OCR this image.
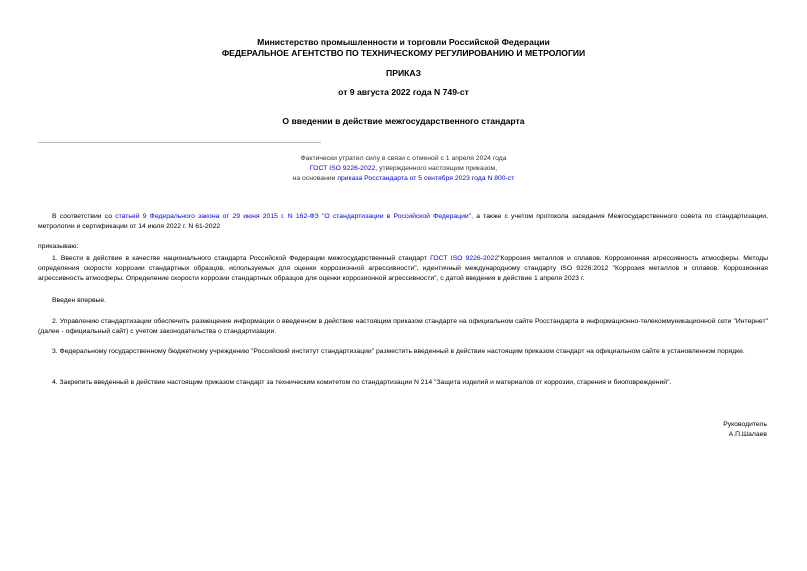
Министерство промышленности и торговли Российской Федерации
ФЕДЕРАЛЬНОЕ АГЕНТСТВО ПО ТЕХНИЧЕСКОМУ РЕГУЛИРОВАНИЮ И МЕТРОЛОГИИ
ПРИКАЗ
от 9 августа 2022 года N 749-ст
О введении в действие межгосударственного стандарта
Фактически утратил силу в связи с отменой с 1 апреля 2024 года
ГОСТ ISO 9226-2022, утвержденного настоящим приказом,
на основании приказа Росстандарта от 5 сентября 2023 года N 800-ст
В соответствии со статьей 9 Федерального закона от 29 июня 2015 г. N 162-ФЗ "О стандартизации в Российской Федерации", а также с учетом протокола заседания Межгосударственного совета по стандартизации, метрологии и сертификации от 14 июля 2022 г. N 61-2022
приказываю:
1. Ввести в действие в качестве национального стандарта Российской Федерации межгосударственный стандарт ГОСТ ISO 9226-2022"Коррозия металлов и сплавов. Коррозионная агрессивность атмосферы. Методы определения скорости коррозии стандартных образцов, используемых для оценки коррозионной агрессивности", идентичный международному стандарту ISO 9226:2012 "Коррозия металлов и сплавов. Коррозионная агрессивность атмосферы. Определение скорости коррозии стандартных образцов для оценки коррозионной агрессивности", с датой введения в действие 1 апреля 2023 г.
Введен впервые.
2. Управлению стандартизации обеспечить размещение информации о введенном в действие настоящим приказом стандарте на официальном сайте Росстандарта в информационно-телекоммуникационной сети "Интернет" (далее - официальный сайт) с учетом законодательства о стандартизации.
3. Федеральному государственному бюджетному учреждению "Российский институт стандартизации" разместить введенный в действие настоящим приказом стандарт на официальном сайте в установленном порядке.
4. Закрепить введенный в действие настоящим приказом стандарт за техническим комитетом по стандартизации N 214 "Защита изделий и материалов от коррозии, старения и биоповреждений".
Руководитель
А.П.Шалаев
